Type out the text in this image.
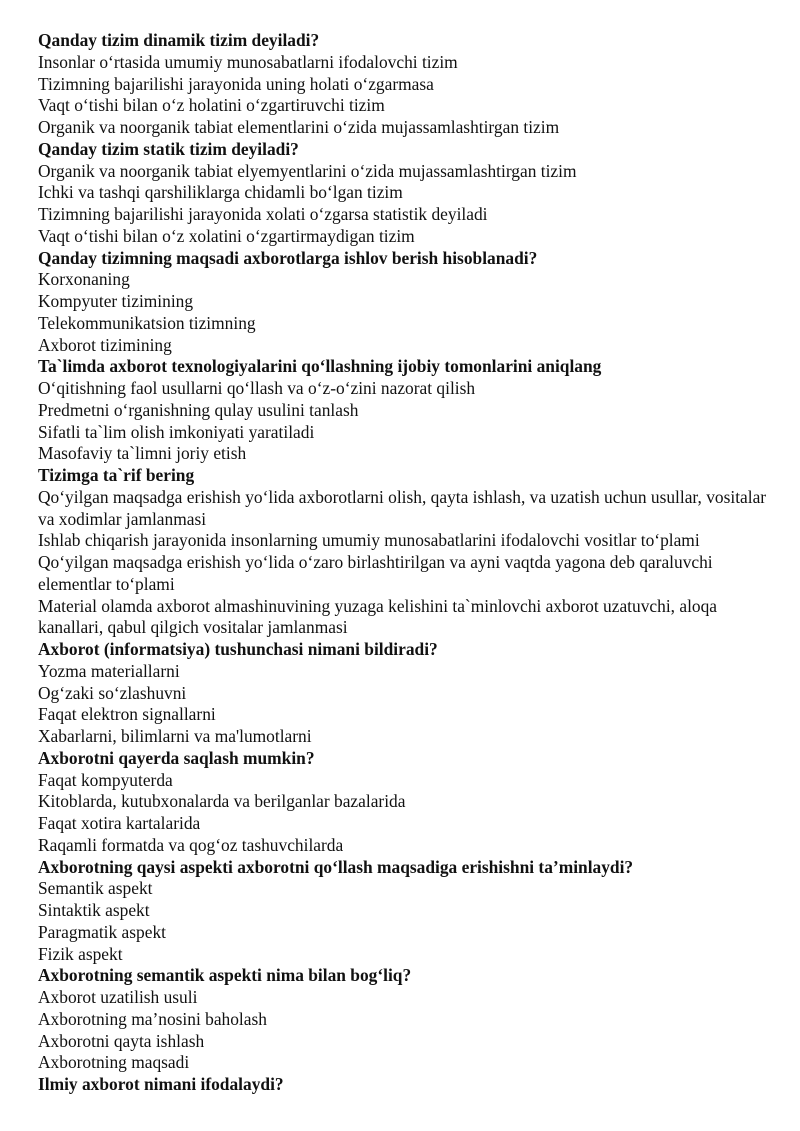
Qanday tizim dinamik tizim deyiladi?
Insonlar o‘rtasida umumiy munosabatlarni ifodalovchi tizim
Tizimning bajarilishi jarayonida uning holati o‘zgarmasa
Vaqt o‘tishi bilan o‘z holatini o‘zgartiruvchi tizim
Organik va noorganik tabiat elementlarini o‘zida mujassamlashtirgan tizim
Qanday tizim statik tizim deyiladi?
Organik va noorganik tabiat elyemyentlarini o‘zida mujassamlashtirgan tizim
Ichki va tashqi qarshiliklarga chidamli bo‘lgan tizim
Tizimning bajarilishi jarayonida xolati o‘zgarsa statistik deyiladi
Vaqt o‘tishi bilan o‘z xolatini o‘zgartirmaydigan tizim
Qanday tizimning maqsadi axborotlarga ishlov berish hisoblanadi?
Korxonaning
Kompyuter tizimining
Telekommunikatsion tizimning
Axborot tizimining
Ta`limda axborot texnologiyalarini qo‘llashning ijobiy tomonlarini aniqlang
O‘qitishning faol usullarni qo‘llash va o‘z-o‘zini nazorat qilish
Predmetni o‘rganishning qulay usulini tanlash
Sifatli ta`lim olish imkoniyati yaratiladi
Masofaviy ta`limni joriy etish
Tizimga ta`rif bering
Qo‘yilgan maqsadga erishish yo‘lida axborotlarni olish, qayta ishlash, va uzatish uchun usullar, vositalar va xodimlar jamlanmasi
Ishlab chiqarish jarayonida insonlarning umumiy munosabatlarini ifodalovchi vositlar to‘plami
Qo‘yilgan maqsadga erishish yo‘lida o‘zaro birlashtirilgan va ayni vaqtda yagona deb qaraluvchi elementlar to‘plami
Material olamda axborot almashinuvining yuzaga kelishini ta`minlovchi axborot uzatuvchi, aloqa kanallari, qabul qilgich vositalar jamlanmasi
Axborot (informatsiya) tushunchasi nimani bildiradi?
Yozma materiallarni
Og‘zaki so‘zlashuvni
Faqat elektron signallarni
Xabarlarni, bilimlarni va ma'lumotlarni
Axborotni qayerda saqlash mumkin?
Faqat kompyuterda
Kitoblarda, kutubxonalarda va berilganlar bazalarida
Faqat xotira kartalarida
Raqamli formatda va qog‘oz tashuvchilarda
Axborotning qaysi aspekti axborotni qo‘llash maqsadiga erishishni ta’minlaydi?
Semantik aspekt
Sintaktik aspekt
Paragmatik aspekt
Fizik aspekt
Axborotning semantik aspekti nima bilan bog‘liq?
Axborot uzatilish usuli
Axborotning ma’nosini baholash
Axborotni qayta ishlash
Axborotning maqsadi
Ilmiy axborot nimani ifodalaydi?
